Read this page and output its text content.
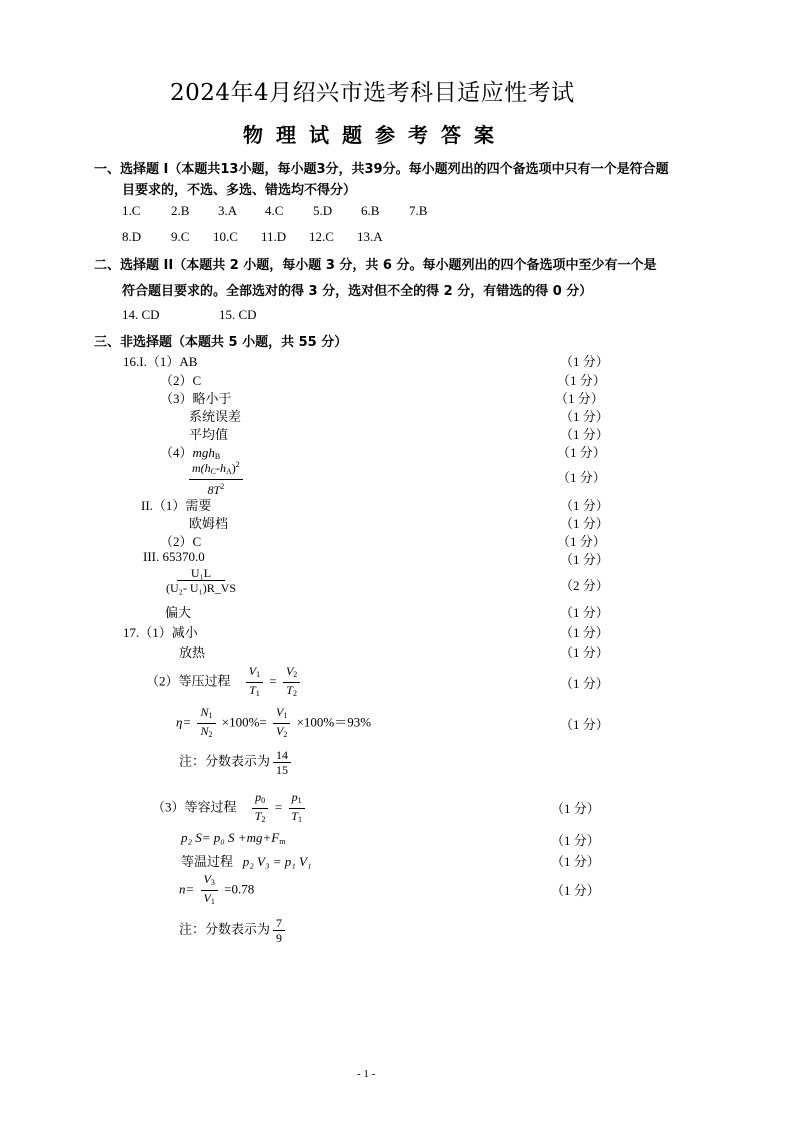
2024年4月绍兴市选考科目适应性考试
物理试题参考答案
一、选择题 I（本题共13小题，每小题3分，共39分。每小题列出的四个备选项中只有一个是符合题
目要求的，不选、多选、错选均不得分）
1.C 2.B 3.A 4.C 5.D 6.B 7.B
8.D 9.C 10.C 11.D 12.C 13.A
二、选择题 II（本题共 2 小题，每小题 3 分，共 6 分。每小题列出的四个备选项中至少有一个是
符合题目要求的。全部选对的得 3 分，选对但不全的得 2 分，有错选的得 0 分）
14. CD	15. CD
三、非选择题（本题共 5 小题，共 55 分）
16.I.（1）AB	（1 分）
（2）C	（1 分）
（3）略小于	（1 分）
系统误差	（1 分）
平均值	（1 分）
（4）mgh$_B$	（1 分）
$\frac{m(h_C-h_A)^2}{8T^2}$	（1 分）
II.（1）需要	（1 分）
欧姆档	（1 分）
（2）C	（1 分）
III. 65370.0	（1 分）
$\frac{\text{U₁L}}{\text{(U₂- U₁)R\_VS}}$	（2 分）
偏大	（1 分）
17.（1）减小	（1 分）
放热	（1 分）
（2）等压过程 $\frac{V_1}{T_1} = \frac{V_2}{T_2}$	（1 分）
$\eta= \frac{N_1}{N_2} \times 100\%= \frac{V_1}{V_2} \times 100\%=93\%$	（1 分）
注：分数表示为 $\frac{14}{15}$
（3）等容过程 $\frac{p_0}{T_2} = \frac{p_1}{T_1}$	（1 分）
p₂ S= p₀ $S +mg+F_m$	（1 分）
等温过程 p₂ V₃ = p₁ V₁	（1 分）
$n= \frac{V_3}{V_1} =0.78$	（1 分）
注：分数表示为 $\frac{7}{9}$
- 1 -
